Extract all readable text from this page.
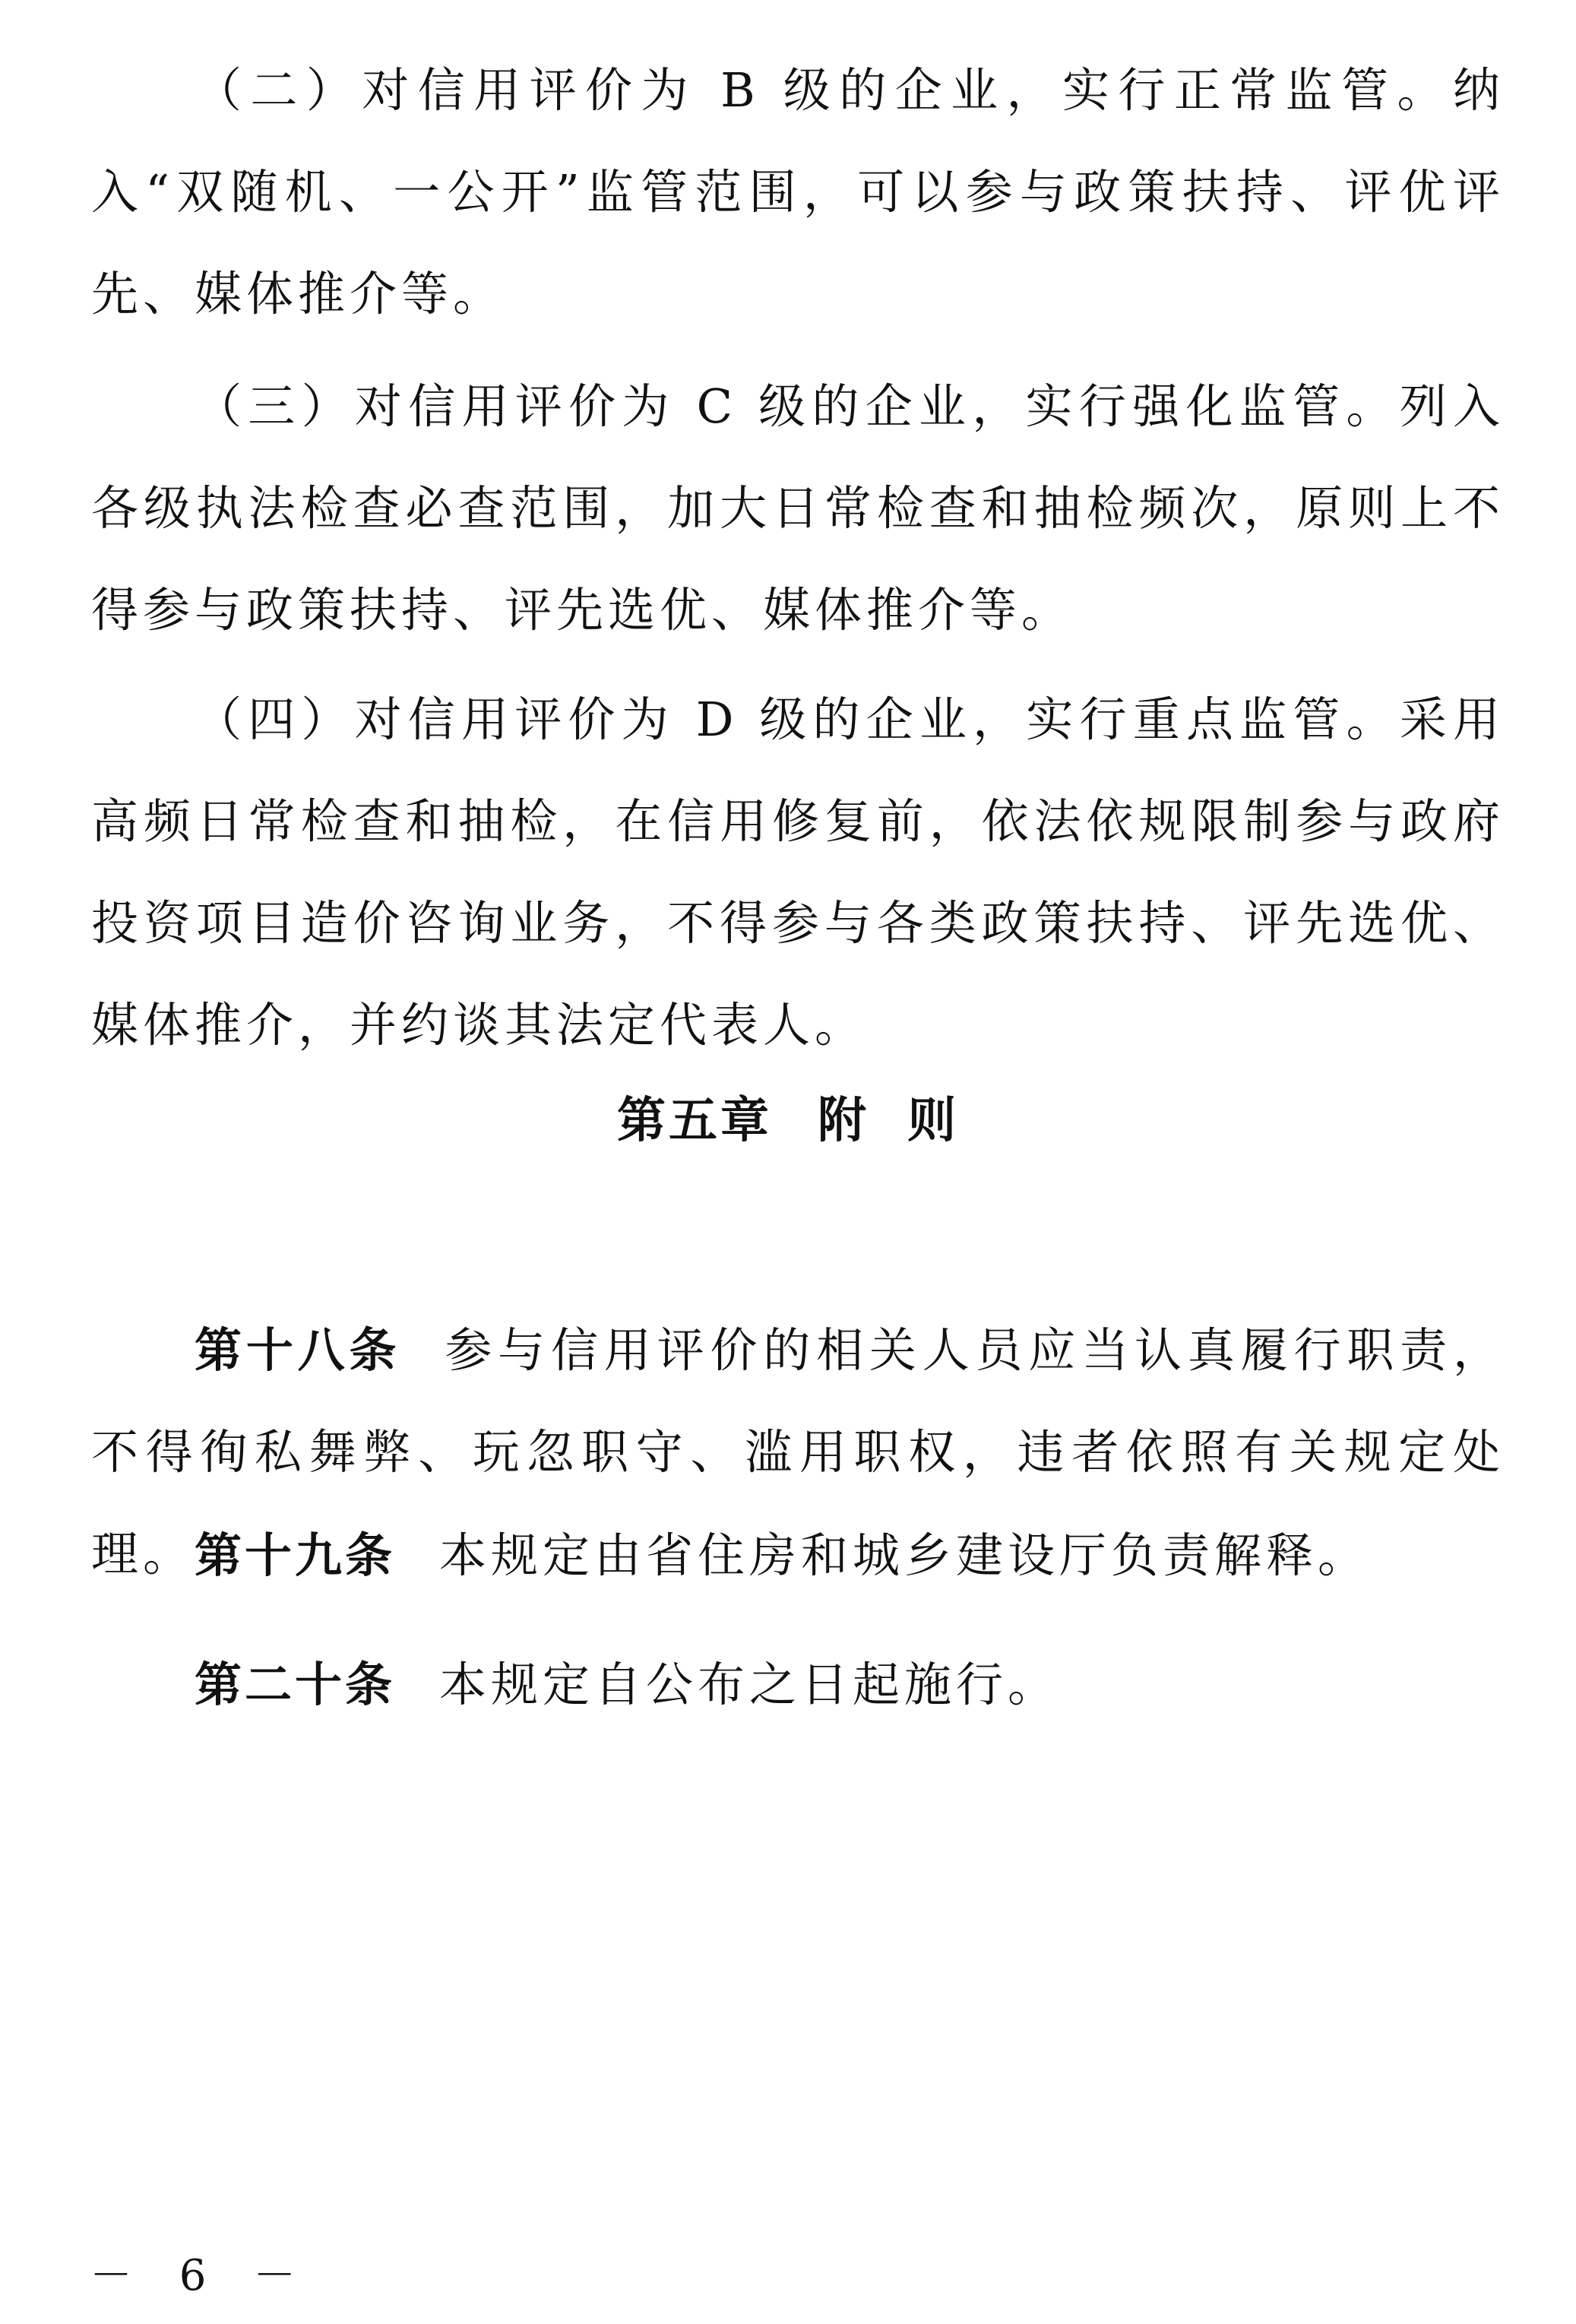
（二）对信用评价为 B 级的企业，实行正常监管。纳入“双随机、一公开”监管范围，可以参与政策扶持、评优评先、媒体推介等。

（三）对信用评价为 C 级的企业，实行强化监管。列入各级执法检查必查范围，加大日常检查和抽检频次，原则上不得参与政策扶持、评先选优、媒体推介等。

（四）对信用评价为 D 级的企业，实行重点监管。采用高频日常检查和抽检，在信用修复前，依法依规限制参与政府投资项目造价咨询业务，不得参与各类政策扶持、评先选优、媒体推介，并约谈其法定代表人。

第五章 附 则

第十八条 参与信用评价的相关人员应当认真履行职责，不得徇私舞弊、玩忽职守、滥用职权，违者依照有关规定处理。 第十九条 本规定由省住房和城乡建设厅负责解释。

第二十条 本规定自公布之日起施行。

－ 6 －
